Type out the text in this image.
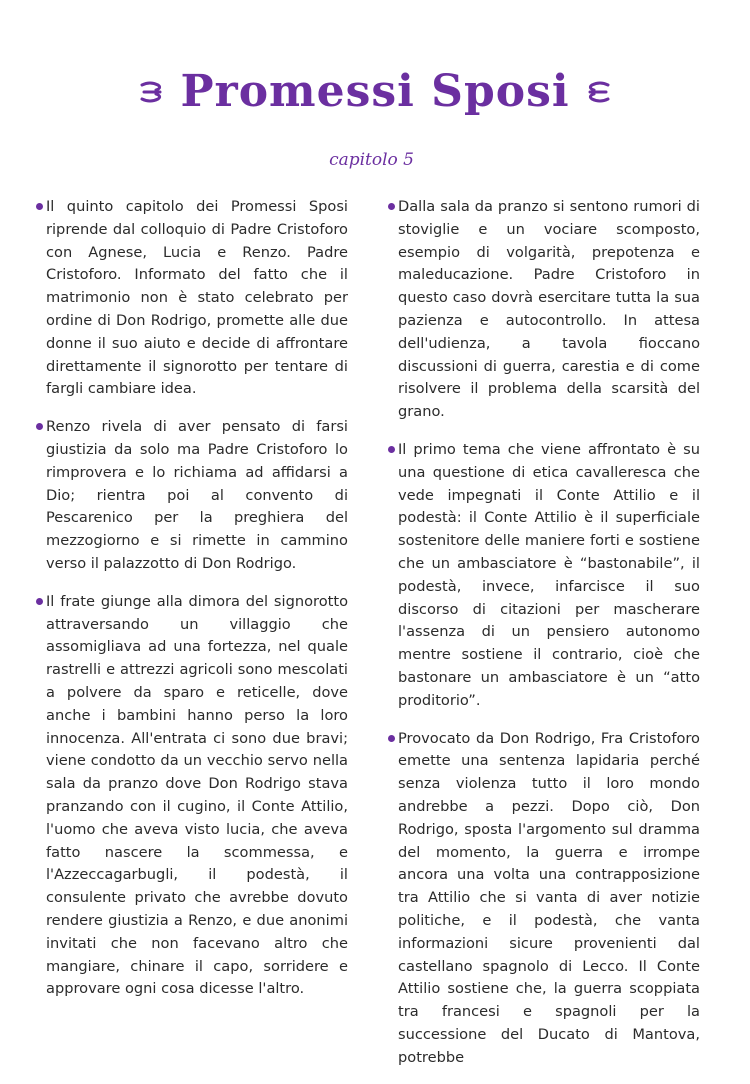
Promessi Sposi
capitolo 5

Il quinto capitolo dei Promessi Sposi riprende dal colloquio di Padre Cristoforo con Agnese, Lucia e Renzo. Padre Cristoforo. Informato del fatto che il matrimonio non è stato celebrato per ordine di Don Rodrigo, promette alle due donne il suo aiuto e decide di affrontare direttamente il signorotto per tentare di fargli cambiare idea.

Renzo rivela di aver pensato di farsi giustizia da solo ma Padre Cristoforo lo rimprovera e lo richiama ad affidarsi a Dio; rientra poi al convento di Pescarenico per la preghiera del mezzogiorno e si rimette in cammino verso il palazzotto di Don Rodrigo.

Il frate giunge alla dimora del signorotto attraversando un villaggio che assomigliava ad una fortezza, nel quale rastrelli e attrezzi agricoli sono mescolati a polvere da sparo e reticelle, dove anche i bambini hanno perso la loro innocenza. All'entrata ci sono due bravi; viene condotto da un vecchio servo nella sala da pranzo dove Don Rodrigo stava pranzando con il cugino, il Conte Attilio, l'uomo che aveva visto lucia, che aveva fatto nascere la scommessa, e l'Azzeccagarbugli, il podestà, il consulente privato che avrebbe dovuto rendere giustizia a Renzo, e due anonimi invitati che non facevano altro che mangiare, chinare il capo, sorridere e approvare ogni cosa dicesse l'altro.

Dalla sala da pranzo si sentono rumori di stoviglie e un vociare scomposto, esempio di volgarità, prepotenza e maleducazione. Padre Cristoforo in questo caso dovrà esercitare tutta la sua pazienza e autocontrollo. In attesa dell'udienza, a tavola fioccano discussioni di guerra, carestia e di come risolvere il problema della scarsità del grano.

Il primo tema che viene affrontato è su una questione di etica cavalleresca che vede impegnati il Conte Attilio e il podestà: il Conte Attilio è il superficiale sostenitore delle maniere forti e sostiene che un ambasciatore è “bastonabile”, il podestà, invece, infarcisce il suo discorso di citazioni per mascherare l'assenza di un pensiero autonomo mentre sostiene il contrario, cioè che bastonare un ambasciatore è un “atto proditorio”.

Provocato da Don Rodrigo, Fra Cristoforo emette una sentenza lapidaria perché senza violenza tutto il loro mondo andrebbe a pezzi. Dopo ciò, Don Rodrigo, sposta l'argomento sul dramma del momento, la guerra e irrompe ancora una volta una contrapposizione tra Attilio che si vanta di aver notizie politiche, e il podestà, che vanta informazioni sicure provenienti dal castellano spagnolo di Lecco. Il Conte Attilio sostiene che, la guerra scoppiata tra francesi e spagnoli per la successione del Ducato di Mantova, potrebbe
